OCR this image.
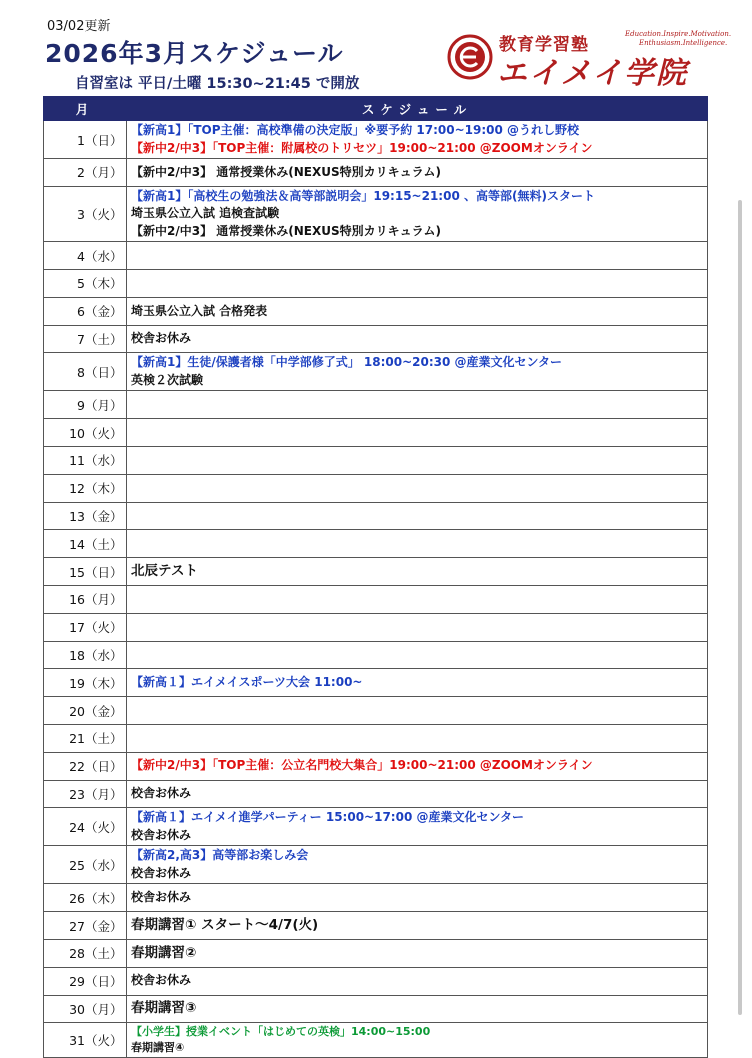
03/02更新
2026年3月スケジュール
自習室は 平日/土曜 15:30~21:45 で開放
教育学習塾
エイメイ学院
Education.Inspire.Motivation.
Enthusiasm.Intelligence.
月	スケジュール
1（日）	【新高1】「TOP主催：高校準備の決定版」※要予約 17:00~19:00 @うれし野校
【新中2/中3】「TOP主催：附属校のトリセツ」19:00~21:00 @ZOOMオンライン

2（月）	【新中2/中3】 通常授業休み(NEXUS特別カリキュラム)

3（火）	【新高1】「高校生の勉強法＆高等部説明会」19:15~21:00 、高等部(無料)スタート
埼玉県公立入試 追検査試験
【新中2/中3】 通常授業休み(NEXUS特別カリキュラム)

4（水）	
5（木）	
6（金）	埼玉県公立入試 合格発表

7（土）	校舎お休み

8（日）	【新高1】生徒/保護者様「中学部修了式」 18:00~20:30 @産業文化センター
英検２次試験

9（月）	
10（火）	
11（水）	
12（木）	
13（金）	
14（土）	
15（日）	北辰テスト

16（月）	
17（火）	
18（水）	
19（木）	【新高１】エイメイスポーツ大会 11:00~

20（金）	
21（土）	
22（日）	【新中2/中3】「TOP主催：公立名門校大集合」19:00~21:00 @ZOOMオンライン

23（月）	校舎お休み

24（火）	【新高１】エイメイ進学パーティー 15:00~17:00 @産業文化センター
校舎お休み

25（水）	【新高2,高3】高等部お楽しみ会
校舎お休み

26（木）	校舎お休み

27（金）	春期講習① スタート～4/7(火)

28（土）	春期講習②

29（日）	校舎お休み

30（月）	春期講習③

31（火）	【小学生】授業イベント「はじめての英検」14:00~15:00
春期講習④
